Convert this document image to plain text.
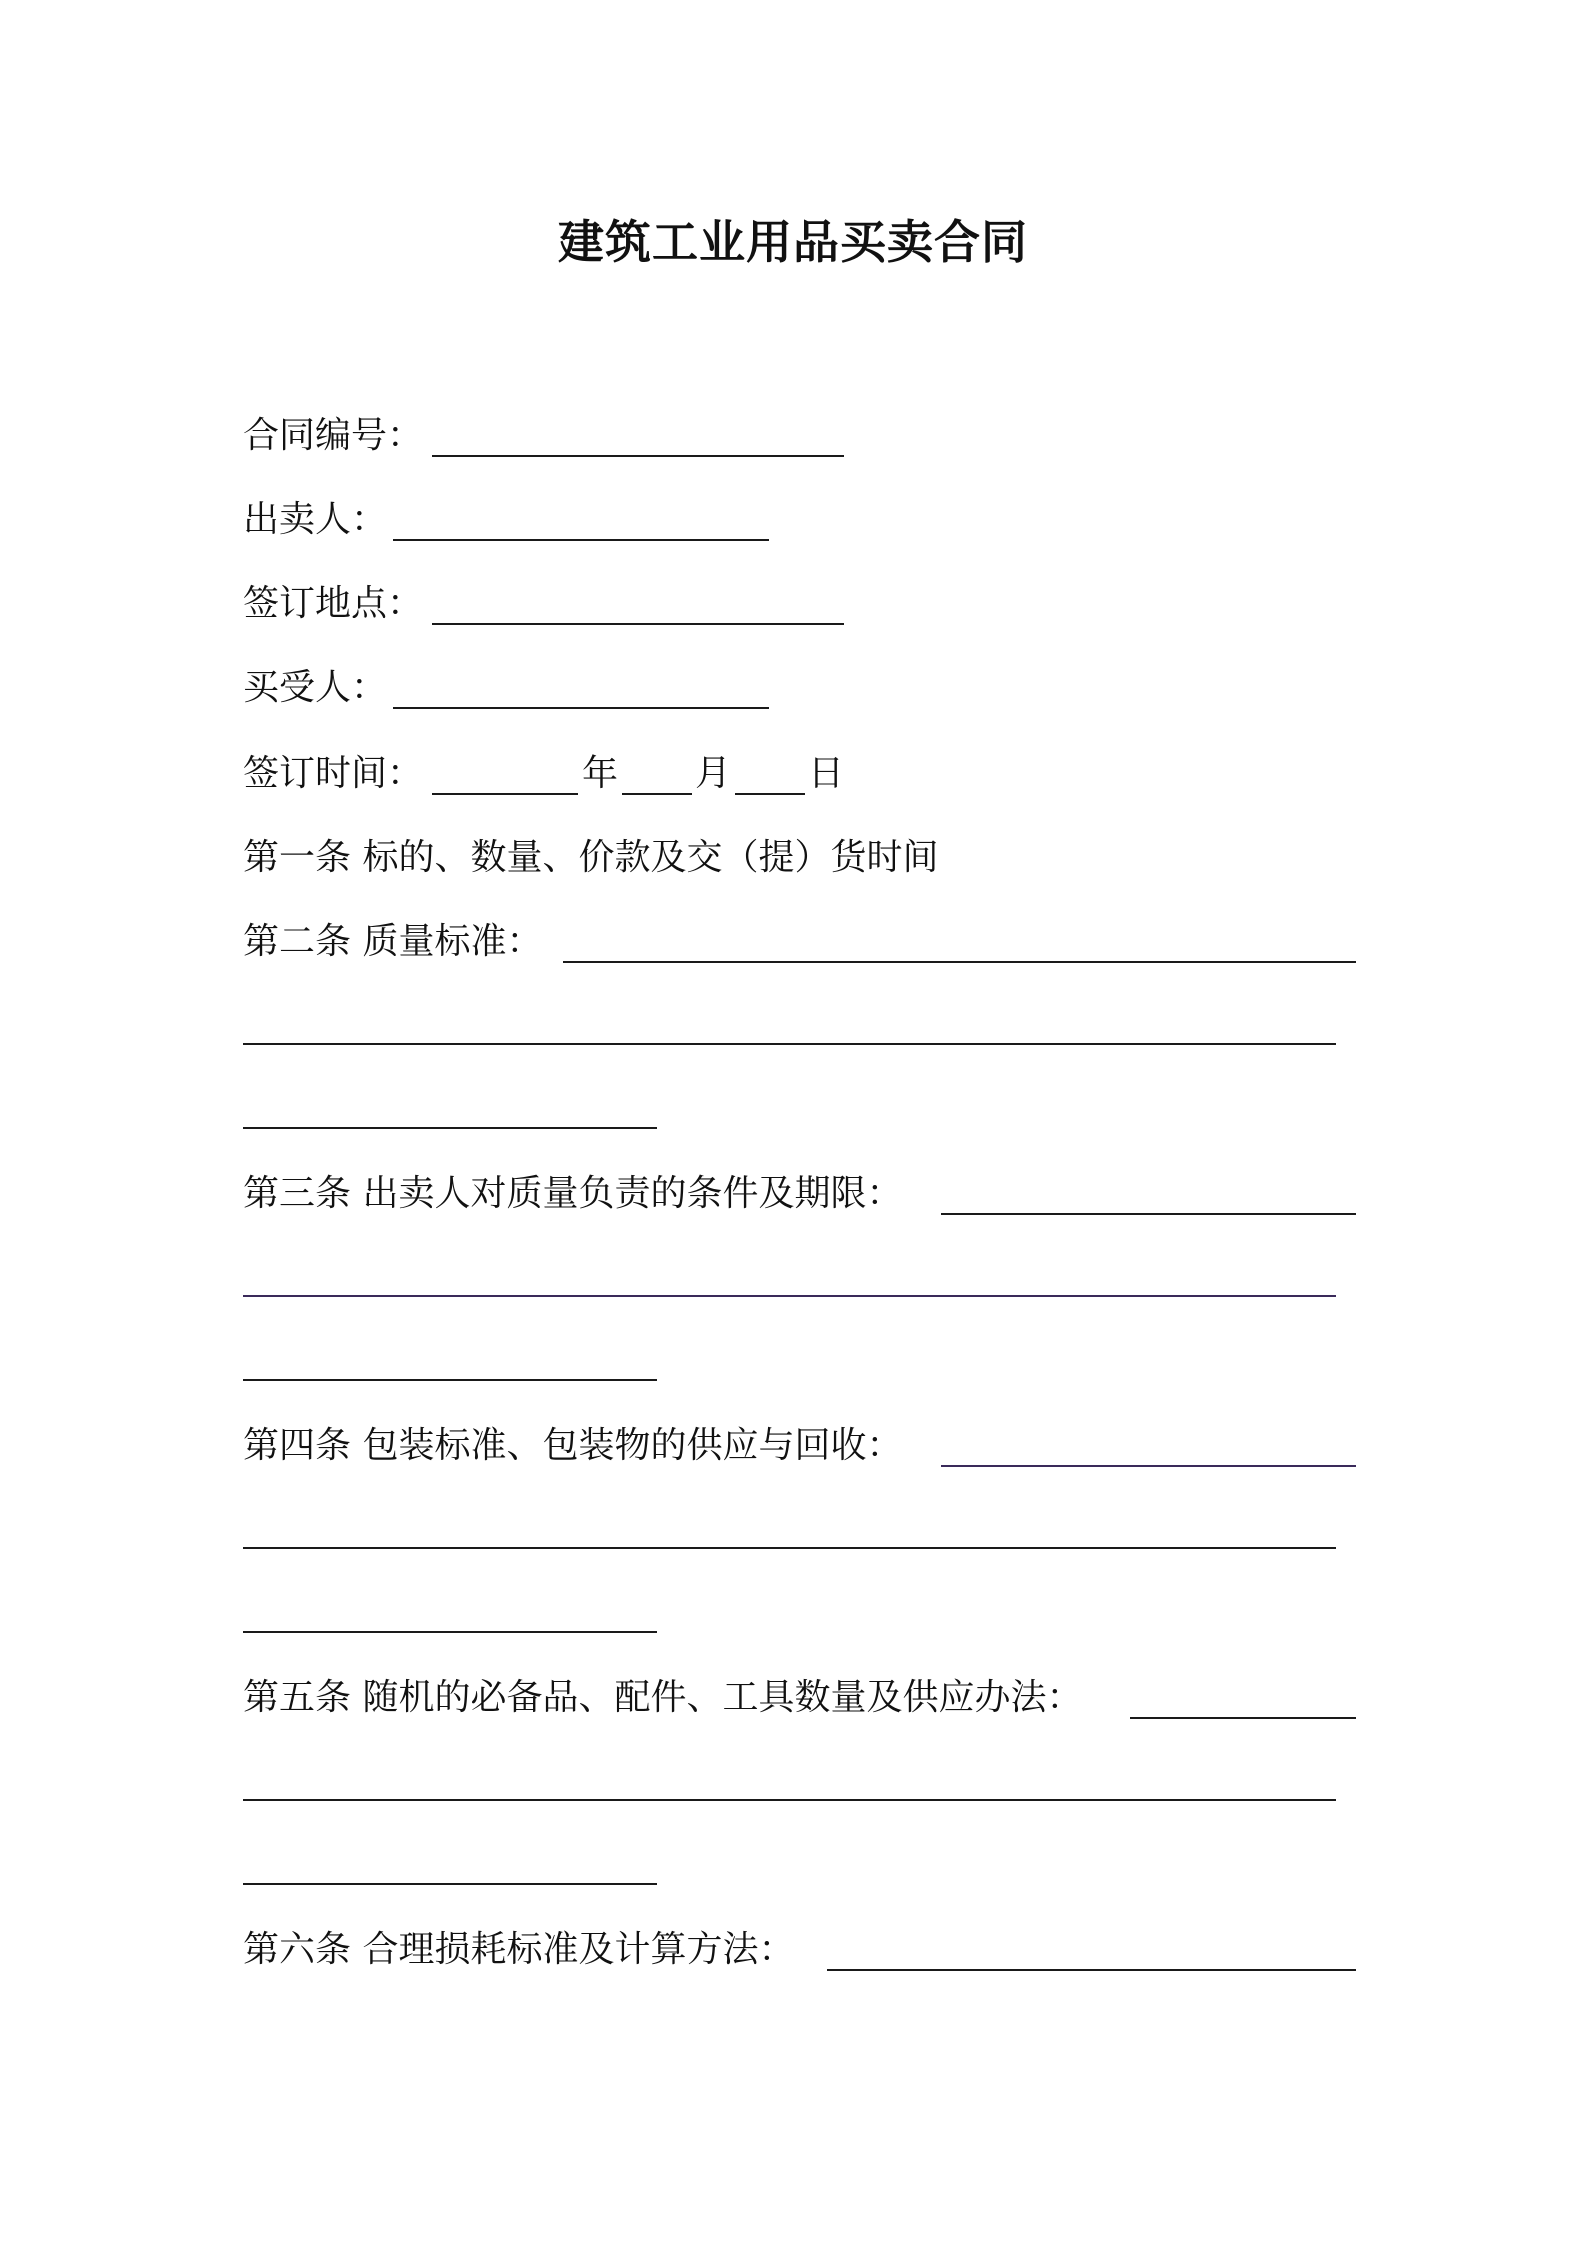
建筑工业用品买卖合同
合同编号：
出卖人：
签订地点：
买受人：
签订时间：	年 月 日
第一条 标的、数量、价款及交（提）货时间
第二条 质量标准：
第三条 出卖人对质量负责的条件及期限：
第四条 包装标准、包装物的供应与回收：
第五条 随机的必备品、配件、工具数量及供应办法：
第六条 合理损耗标准及计算方法：
